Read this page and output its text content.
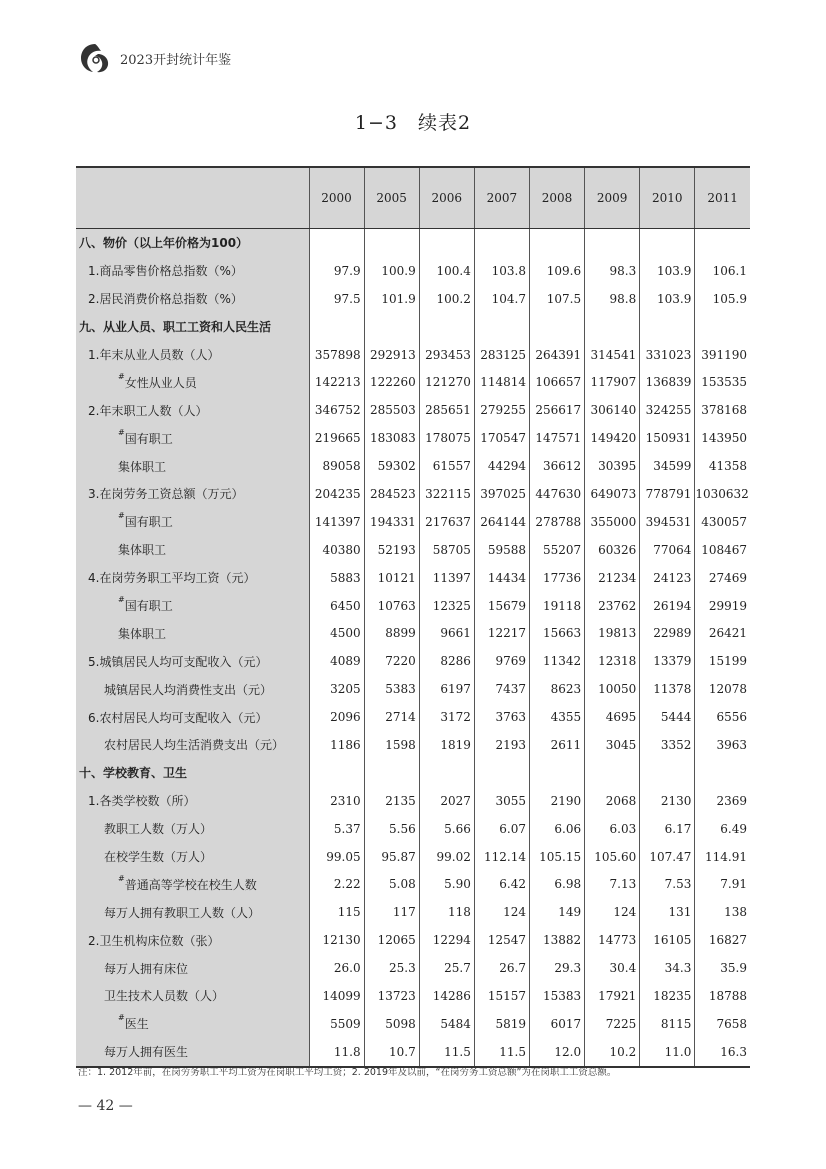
2023开封统计年鉴
1−3　续表2
	2000	2005	2006	2007	2008	2009	2010	2011
八、物价（以上年价格为100）								
1.商品零售价格总指数（%）	97.9	100.9	100.4	103.8	109.6	98.3	103.9	106.1
2.居民消费价格总指数（%）	97.5	101.9	100.2	104.7	107.5	98.8	103.9	105.9
九、从业人员、职工工资和人民生活								
1.年末从业人员数（人）	357898	292913	293453	283125	264391	314541	331023	391190
#女性从业人员	142213	122260	121270	114814	106657	117907	136839	153535
2.年末职工人数（人）	346752	285503	285651	279255	256617	306140	324255	378168
#国有职工	219665	183083	178075	170547	147571	149420	150931	143950
集体职工	89058	59302	61557	44294	36612	30395	34599	41358
3.在岗劳务工资总额（万元）	204235	284523	322115	397025	447630	649073	778791	1030632
#国有职工	141397	194331	217637	264144	278788	355000	394531	430057
集体职工	40380	52193	58705	59588	55207	60326	77064	108467
4.在岗劳务职工平均工资（元）	5883	10121	11397	14434	17736	21234	24123	27469
#国有职工	6450	10763	12325	15679	19118	23762	26194	29919
集体职工	4500	8899	9661	12217	15663	19813	22989	26421
5.城镇居民人均可支配收入（元）	4089	7220	8286	9769	11342	12318	13379	15199
城镇居民人均消费性支出（元）	3205	5383	6197	7437	8623	10050	11378	12078
6.农村居民人均可支配收入（元）	2096	2714	3172	3763	4355	4695	5444	6556
农村居民人均生活消费支出（元）	1186	1598	1819	2193	2611	3045	3352	3963
十、学校教育、卫生								
1.各类学校数（所）	2310	2135	2027	3055	2190	2068	2130	2369
教职工人数（万人）	5.37	5.56	5.66	6.07	6.06	6.03	6.17	6.49
在校学生数（万人）	99.05	95.87	99.02	112.14	105.15	105.60	107.47	114.91
#普通高等学校在校生人数	2.22	5.08	5.90	6.42	6.98	7.13	7.53	7.91
每万人拥有教职工人数（人）	115	117	118	124	149	124	131	138
2.卫生机构床位数（张）	12130	12065	12294	12547	13882	14773	16105	16827
每万人拥有床位	26.0	25.3	25.7	26.7	29.3	30.4	34.3	35.9
卫生技术人员数（人）	14099	13723	14286	15157	15383	17921	18235	18788
#医生	5509	5098	5484	5819	6017	7225	8115	7658
每万人拥有医生	11.8	10.7	11.5	11.5	12.0	10.2	11.0	16.3
注：1. 2012年前，在岗劳务职工平均工资为在岗职工平均工资；2. 2019年及以前，“在岗劳务工资总额”为在岗职工工资总额。
— 42 —
